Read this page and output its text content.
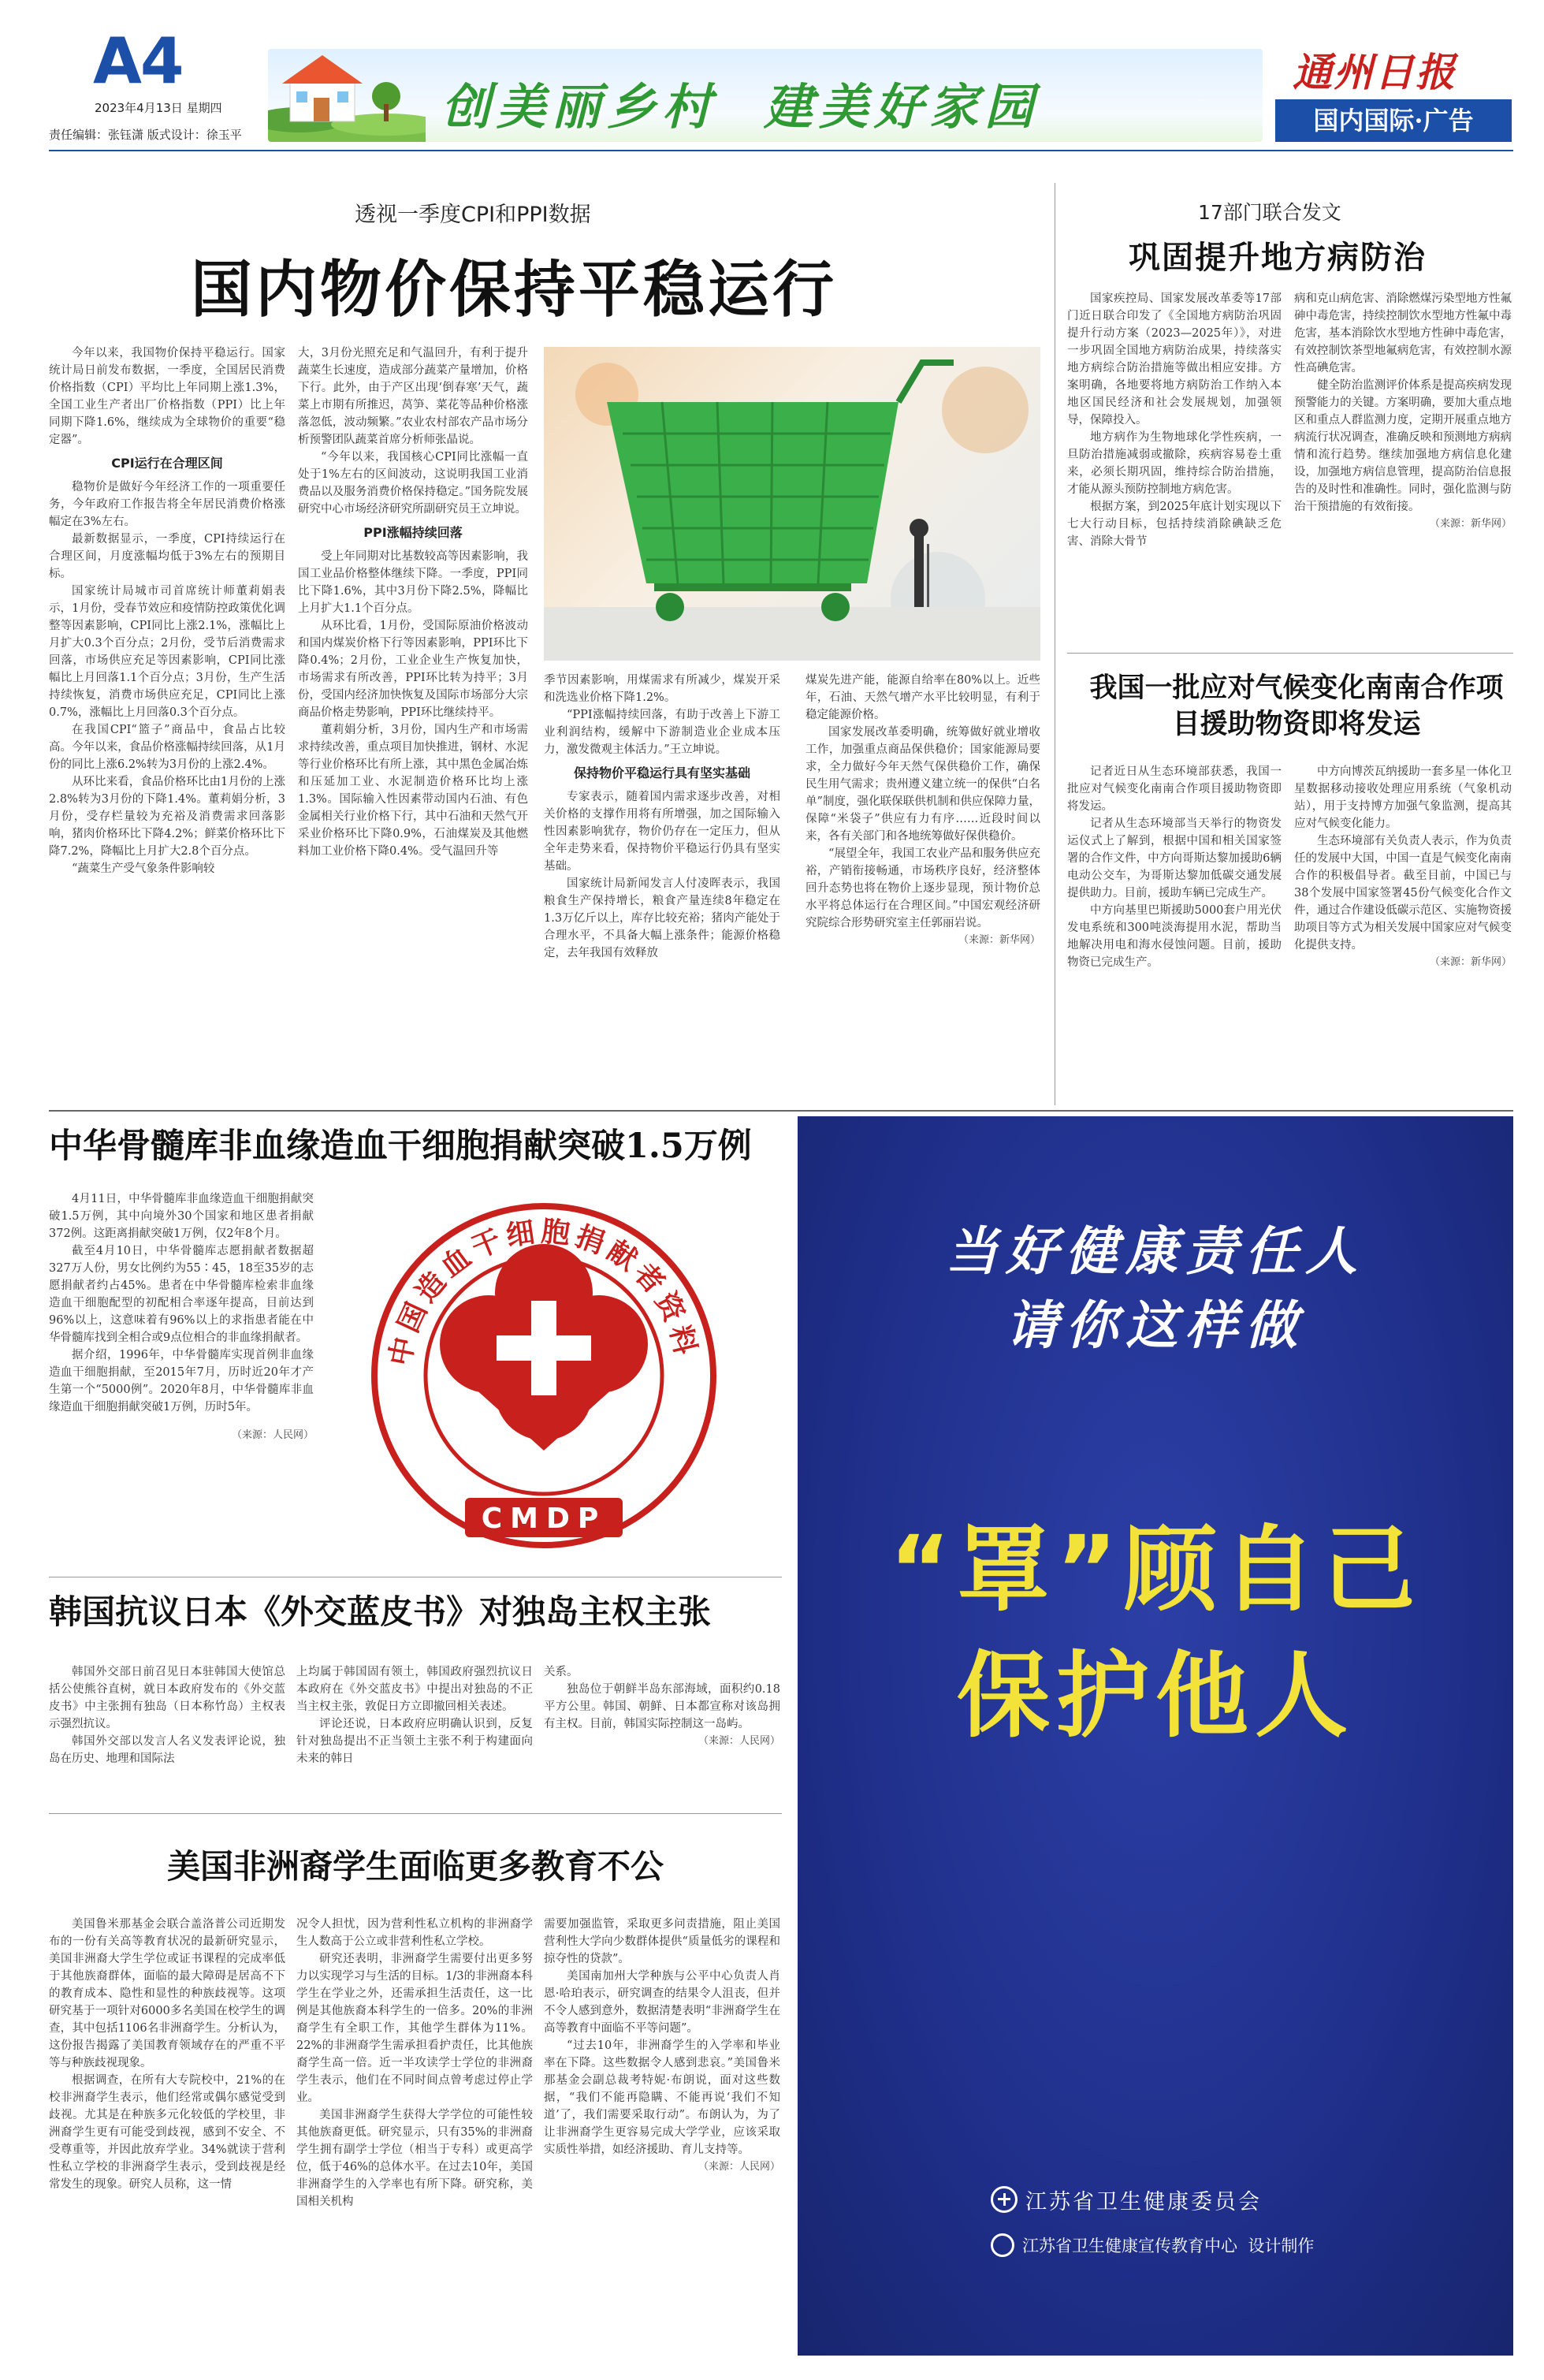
A4
2023年4月13日 星期四
责任编辑：张钰潇 版式设计：徐玉平	创美丽乡村  建美好家园
通州日报
国内国际·广告
透视一季度CPI和PPI数据
国内物价保持平稳运行

今年以来，我国物价保持平稳运行。国家统计局日前发布数据，一季度，全国居民消费价格指数（CPI）平均比上年同期上涨1.3%，全国工业生产者出厂价格指数（PPI）比上年同期下降1.6%，继续成为全球物价的重要“稳定器”。

CPI运行在合理区间

稳物价是做好今年经济工作的一项重要任务，今年政府工作报告将全年居民消费价格涨幅定在3%左右。

最新数据显示，一季度，CPI持续运行在合理区间，月度涨幅均低于3%左右的预期目标。

国家统计局城市司首席统计师董莉娟表示，1月份，受春节效应和疫情防控政策优化调整等因素影响，CPI同比上涨2.1%，涨幅比上月扩大0.3个百分点；2月份，受节后消费需求回落，市场供应充足等因素影响，CPI同比涨幅比上月回落1.1个百分点；3月份，生产生活持续恢复，消费市场供应充足，CPI同比上涨0.7%，涨幅比上月回落0.3个百分点。

在我国CPI“篮子”商品中，食品占比较高。今年以来，食品价格涨幅持续回落，从1月份的同比上涨6.2%转为3月份的上涨2.4%。

从环比来看，食品价格环比由1月份的上涨2.8%转为3月份的下降1.4%。董莉娟分析，3月份，受存栏量较为充裕及消费需求回落影响，猪肉价格环比下降4.2%；鲜菜价格环比下降7.2%，降幅比上月扩大2.8个百分点。

“蔬菜生产受气象条件影响较

大，3月份光照充足和气温回升，有利于提升蔬菜生长速度，造成部分蔬菜产量增加，价格下行。此外，由于产区出现‘倒春寒’天气，蔬菜上市期有所推迟，莴笋、菜花等品种价格涨落忽低，波动频繁。”农业农村部农产品市场分析预警团队蔬菜首席分析师张晶说。

“今年以来，我国核心CPI同比涨幅一直处于1%左右的区间波动，这说明我国工业消费品以及服务消费价格保持稳定。”国务院发展研究中心市场经济研究所副研究员王立坤说。

PPI涨幅持续回落

受上年同期对比基数较高等因素影响，我国工业品价格整体继续下降。一季度，PPI同比下降1.6%，其中3月份下降2.5%，降幅比上月扩大1.1个百分点。

从环比看，1月份，受国际原油价格波动和国内煤炭价格下行等因素影响，PPI环比下降0.4%；2月份，工业企业生产恢复加快，市场需求有所改善，PPI环比转为持平；3月份，受国内经济加快恢复及国际市场部分大宗商品价格走势影响，PPI环比继续持平。

董莉娟分析，3月份，国内生产和市场需求持续改善，重点项目加快推进，钢材、水泥等行业价格环比有所上涨，其中黑色金属冶炼和压延加工业、水泥制造价格环比均上涨1.3%。国际输入性因素带动国内石油、有色金属相关行业价格下行，其中石油和天然气开采业价格环比下降0.9%，石油煤炭及其他燃料加工业价格下降0.4%。受气温回升等

季节因素影响，用煤需求有所减少，煤炭开采和洗选业价格下降1.2%。

“PPI涨幅持续回落，有助于改善上下游工业利润结构，缓解中下游制造业企业成本压力，激发微观主体活力。”王立坤说。

保持物价平稳运行具有坚实基础

专家表示，随着国内需求逐步改善，对相关价格的支撑作用将有所增强，加之国际输入性因素影响犹存，物价仍存在一定压力，但从全年走势来看，保持物价平稳运行仍具有坚实基础。

国家统计局新闻发言人付凌晖表示，我国粮食生产保持增长，粮食产量连续8年稳定在1.3万亿斤以上，库存比较充裕；猪肉产能处于合理水平，不具备大幅上涨条件；能源价格稳定，去年我国有效释放

煤炭先进产能，能源自给率在80%以上。近些年，石油、天然气增产水平比较明显，有利于稳定能源价格。

国家发展改革委明确，统筹做好就业增收工作，加强重点商品保供稳价；国家能源局要求，全力做好今年天然气保供稳价工作，确保民生用气需求；贵州遵义建立统一的保供“白名单”制度，强化联保联供机制和供应保障力量，保障“米袋子”供应有力有序……近段时间以来，各有关部门和各地统筹做好保供稳价。

“展望全年，我国工农业产品和服务供应充裕，产销衔接畅通，市场秩序良好，经济整体回升态势也将在物价上逐步显现，预计物价总水平将总体运行在合理区间。”中国宏观经济研究院综合形势研究室主任郭丽岩说。

（来源：新华网）
17部门联合发文
巩固提升地方病防治

国家疾控局、国家发展改革委等17部门近日联合印发了《全国地方病防治巩固提升行动方案（2023—2025年）》，对进一步巩固全国地方病防治成果，持续落实地方病综合防治措施等做出相应安排。方案明确，各地要将地方病防治工作纳入本地区国民经济和社会发展规划，加强领导，保障投入。

地方病作为生物地球化学性疾病，一旦防治措施减弱或撤除，疾病容易卷土重来，必须长期巩固，维持综合防治措施，才能从源头预防控制地方病危害。

根据方案，到2025年底计划实现以下七大行动目标，包括持续消除碘缺乏危害、消除大骨节

病和克山病危害、消除燃煤污染型地方性氟砷中毒危害，持续控制饮水型地方性氟中毒危害，基本消除饮水型地方性砷中毒危害，有效控制饮茶型地氟病危害，有效控制水源性高碘危害。

健全防治监测评价体系是提高疾病发现预警能力的关键。方案明确，要加大重点地区和重点人群监测力度，定期开展重点地方病流行状况调查，准确反映和预测地方病病情和流行趋势。继续加强地方病信息化建设，加强地方病信息管理，提高防治信息报告的及时性和准确性。同时，强化监测与防治干预措施的有效衔接。

（来源：新华网）
我国一批应对气候变化南南合作项目援助物资即将发运

记者近日从生态环境部获悉，我国一批应对气候变化南南合作项目援助物资即将发运。

记者从生态环境部当天举行的物资发运仪式上了解到，根据中国和相关国家签署的合作文件，中方向哥斯达黎加援助6辆电动公交车，为哥斯达黎加低碳交通发展提供助力。目前，援助车辆已完成生产。

中方向基里巴斯援助5000套户用光伏发电系统和300吨淡海提用水泥，帮助当地解决用电和海水侵蚀问题。目前，援助物资已完成生产。

中方向博茨瓦纳援助一套多星一体化卫星数据移动接收处理应用系统（气象机动站），用于支持博方加强气象监测，提高其应对气候变化能力。

生态环境部有关负责人表示，作为负责任的发展中大国，中国一直是气候变化南南合作的积极倡导者。截至目前，中国已与38个发展中国家签署45份气候变化合作文件，通过合作建设低碳示范区、实施物资援助项目等方式为相关发展中国家应对气候变化提供支持。

（来源：新华网）
中华骨髓库非血缘造血干细胞捐献突破1.5万例

4月11日，中华骨髓库非血缘造血干细胞捐献突破1.5万例，其中向境外30个国家和地区患者捐献372例。这距离捐献突破1万例，仅2年8个月。

截至4月10日，中华骨髓库志愿捐献者数据超327万人份，男女比例约为55∶45，18至35岁的志愿捐献者约占45%。患者在中华骨髓库检索非血缘造血干细胞配型的初配相合率逐年提高，目前达到96%以上，这意味着有96%以上的求指患者能在中华骨髓库找到全相合或9点位相合的非血缘捐献者。

据介绍，1996年，中华骨髓库实现首例非血缘造血干细胞捐献，至2015年7月，历时近20年才产生第一个“5000例”。2020年8月，中华骨髓库非血缘造血干细胞捐献突破1万例，历时5年。

（来源：人民网）
中国造血干细胞捐献者资料
CMDP
韩国抗议日本《外交蓝皮书》对独岛主权主张

韩国外交部日前召见日本驻韩国大使馆总括公使熊谷直树，就日本政府发布的《外交蓝皮书》中主张拥有独岛（日本称竹岛）主权表示强烈抗议。

韩国外交部以发言人名义发表评论说，独岛在历史、地理和国际法

上均属于韩国固有领土，韩国政府强烈抗议日本政府在《外交蓝皮书》中提出对独岛的不正当主权主张，敦促日方立即撤回相关表述。

评论还说，日本政府应明确认识到，反复针对独岛提出不正当领土主张不利于构建面向未来的韩日

关系。

独岛位于朝鲜半岛东部海域，面积约0.18平方公里。韩国、朝鲜、日本都宣称对该岛拥有主权。目前，韩国实际控制这一岛屿。

（来源：人民网）
美国非洲裔学生面临更多教育不公

美国鲁米那基金会联合盖洛普公司近期发布的一份有关高等教育状况的最新研究显示，美国非洲裔大学生学位或证书课程的完成率低于其他族裔群体，面临的最大障碍是居高不下的教育成本、隐性和显性的种族歧视等。这项研究基于一项针对6000多名美国在校学生的调查，其中包括1106名非洲裔学生。分析认为，这份报告揭露了美国教育领域存在的严重不平等与种族歧视现象。

根据调查，在所有大专院校中，21%的在校非洲裔学生表示，他们经常或偶尔感觉受到歧视。尤其是在种族多元化较低的学校里，非洲裔学生更有可能受到歧视，感到不安全、不受尊重等，并因此放弃学业。34%就读于营利性私立学校的非洲裔学生表示，受到歧视是经常发生的现象。研究人员称，这一情

况令人担忧，因为营利性私立机构的非洲裔学生人数高于公立或非营利性私立学校。

研究还表明，非洲裔学生需要付出更多努力以实现学习与生活的目标。1/3的非洲裔本科学生在学业之外，还需承担生活责任，这一比例是其他族裔本科学生的一倍多。20%的非洲裔学生有全职工作，其他学生群体为11%。22%的非洲裔学生需承担看护责任，比其他族裔学生高一倍。近一半攻读学士学位的非洲裔学生表示，他们在不同时间点曾考虑过停止学业。

美国非洲裔学生获得大学学位的可能性较其他族裔更低。研究显示，只有35%的非洲裔学生拥有副学士学位（相当于专科）或更高学位，低于46%的总体水平。在过去10年，美国非洲裔学生的入学率也有所下降。研究称，美国相关机构

需要加强监管，采取更多问责措施，阻止美国营利性大学向少数群体提供“质量低劣的课程和掠夺性的贷款”。

美国南加州大学种族与公平中心负责人肖恩·哈珀表示，研究调查的结果令人沮丧，但并不令人感到意外，数据清楚表明“非洲裔学生在高等教育中面临不平等问题”。

“过去10年，非洲裔学生的入学率和毕业率在下降。这些数据令人感到悲哀。”美国鲁米那基金会副总裁考特妮·布朗说，面对这些数据，“我们不能再隐瞒、不能再说‘我们不知道’了，我们需要采取行动”。布朗认为，为了让非洲裔学生更容易完成大学学业，应该采取实质性举措，如经济援助、育儿支持等。

（来源：人民网）
当好健康责任人
请你这样做
“罩”顾自己
保护他人
江苏省卫生健康委员会
江苏省卫生健康宣传教育中心  设计制作
